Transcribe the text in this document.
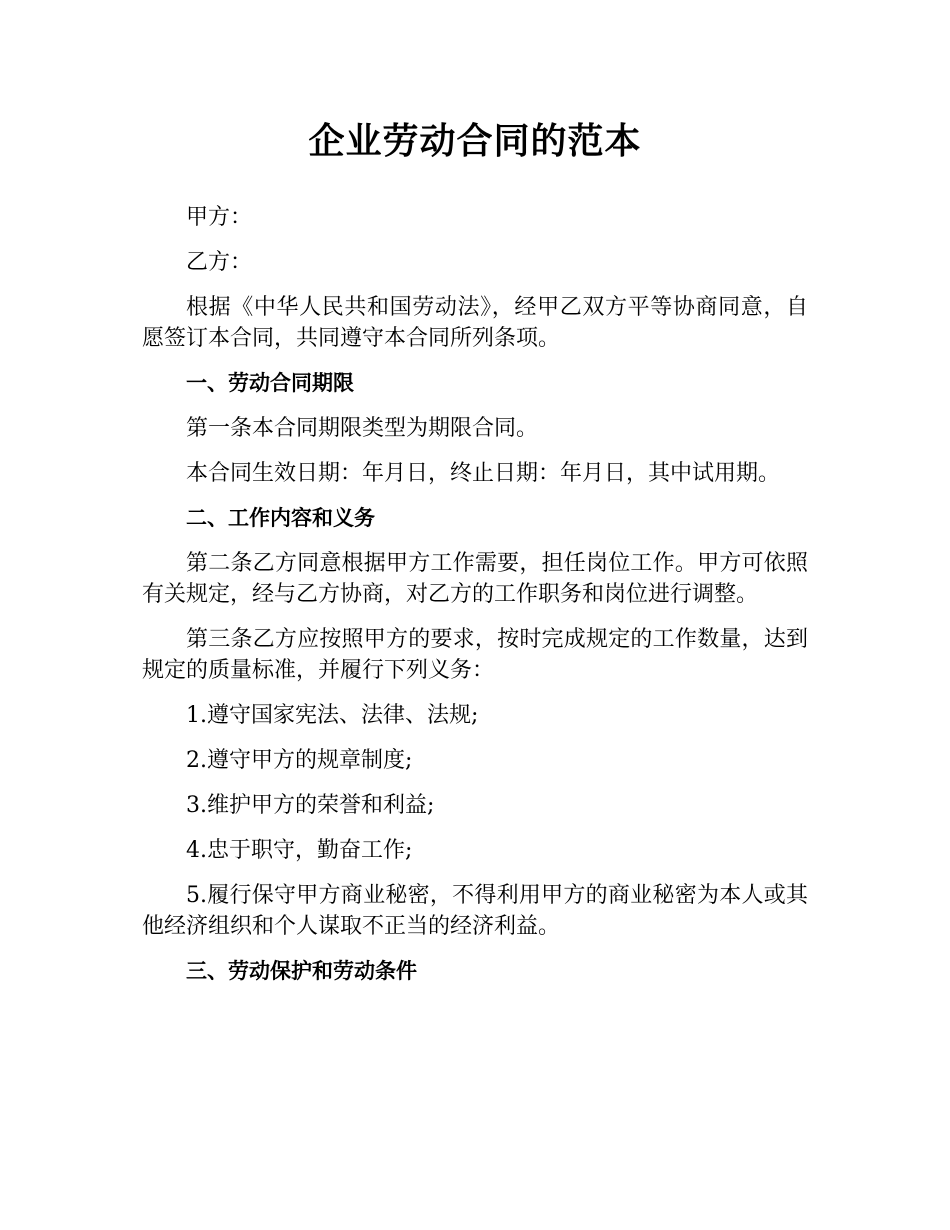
企业劳动合同的范本

甲方：

乙方：

根据《中华人民共和国劳动法》，经甲乙双方平等协商同意，自愿签订本合同，共同遵守本合同所列条项。

一、劳动合同期限

第一条本合同期限类型为期限合同。

本合同生效日期：年月日，终止日期：年月日，其中试用期。

二、工作内容和义务

第二条乙方同意根据甲方工作需要，担任岗位工作。甲方可依照有关规定，经与乙方协商，对乙方的工作职务和岗位进行调整。

第三条乙方应按照甲方的要求，按时完成规定的工作数量，达到规定的质量标准，并履行下列义务：

1.遵守国家宪法、法律、法规;

2.遵守甲方的规章制度;

3.维护甲方的荣誉和利益;

4.忠于职守，勤奋工作;

5.履行保守甲方商业秘密，不得利用甲方的商业秘密为本人或其他经济组织和个人谋取不正当的经济利益。

三、劳动保护和劳动条件
